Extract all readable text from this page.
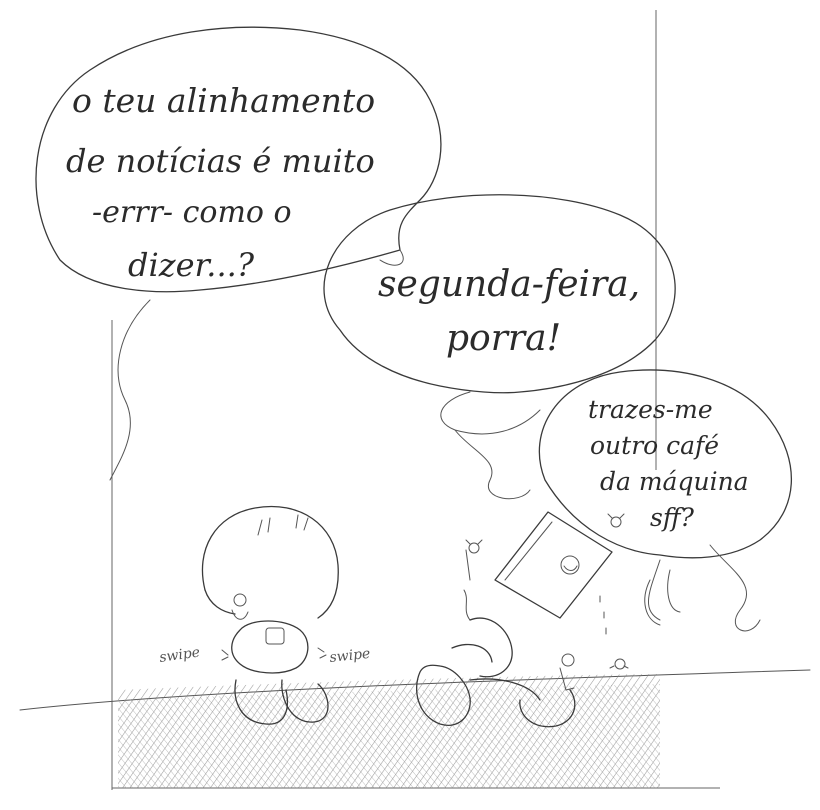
o teu alinhamento
de notícias é muito
-errr- como o
dizer...?	segunda-feira,
porra!
trazes-me
outro café
da máquina
sff?
swipe	swipe
